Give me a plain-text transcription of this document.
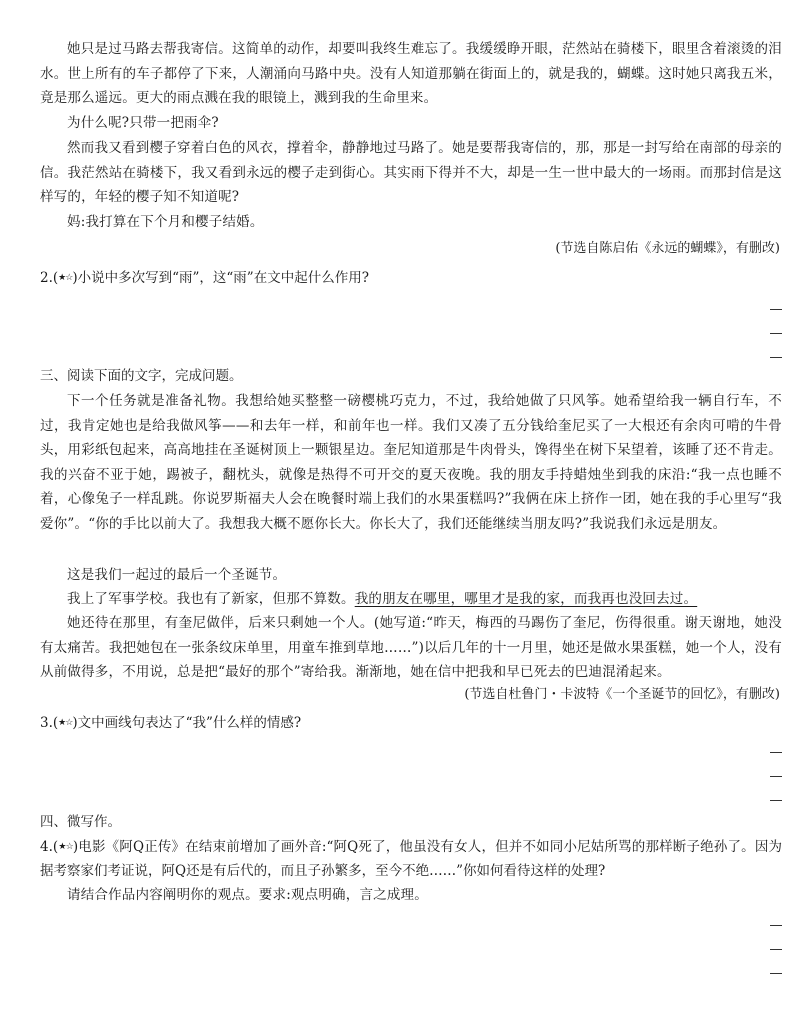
她只是过马路去帮我寄信。这简单的动作，却要叫我终生难忘了。我缓缓睁开眼，茫然站在骑楼下，眼里含着滚烫的泪水。世上所有的车子都停了下来，人潮涌向马路中央。没有人知道那躺在街面上的，就是我的，蝴蝶。这时她只离我五米，竟是那么遥远。更大的雨点溅在我的眼镜上，溅到我的生命里来。

为什么呢?只带一把雨伞?

然而我又看到樱子穿着白色的风衣，撑着伞，静静地过马路了。她是要帮我寄信的，那，那是一封写给在南部的母亲的信。我茫然站在骑楼下，我又看到永远的樱子走到街心。其实雨下得并不大，却是一生一世中最大的一场雨。而那封信是这样写的，年轻的樱子知不知道呢?

妈:我打算在下个月和樱子结婚。

(节选自陈启佑《永远的蝴蝶》，有删改)

2.(★☆)小说中多次写到“雨”，这“雨”在文中起什么作用?

三、阅读下面的文字，完成问题。

下一个任务就是准备礼物。我想给她买整整一磅樱桃巧克力，不过，我给她做了只风筝。她希望给我一辆自行车，不过，我肯定她也是给我做风筝——和去年一样，和前年也一样。我们又凑了五分钱给奎尼买了一大根还有余肉可啃的牛骨头，用彩纸包起来，高高地挂在圣诞树顶上一颗银星边。奎尼知道那是牛肉骨头，馋得坐在树下呆望着，该睡了还不肯走。我的兴奋不亚于她，踢被子，翻枕头，就像是热得不可开交的夏天夜晚。我的朋友手持蜡烛坐到我的床沿:“我一点也睡不着，心像兔子一样乱跳。你说罗斯福夫人会在晚餐时端上我们的水果蛋糕吗?”我俩在床上挤作一团，她在我的手心里写“我爱你”。“你的手比以前大了。我想我大概不愿你长大。你长大了，我们还能继续当朋友吗?”我说我们永远是朋友。

这是我们一起过的最后一个圣诞节。

我上了军事学校。我也有了新家，但那不算数。我的朋友在哪里，哪里才是我的家，而我再也没回去过。

她还待在那里，有奎尼做伴，后来只剩她一个人。(她写道:“昨天，梅西的马踢伤了奎尼，伤得很重。谢天谢地，她没有太痛苦。我把她包在一张条纹床单里，用童车推到草地……”)以后几年的十一月里，她还是做水果蛋糕，她一个人，没有从前做得多，不用说，总是把“最好的那个”寄给我。渐渐地，她在信中把我和早已死去的巴迪混淆起来。

(节选自杜鲁门・卡波特《一个圣诞节的回忆》，有删改)

3.(★☆)文中画线句表达了“我”什么样的情感?

四、微写作。

4.(★☆)电影《阿Q正传》在结束前增加了画外音:“阿Q死了，他虽没有女人，但并不如同小尼姑所骂的那样断子绝孙了。因为据考察家们考证说，阿Q还是有后代的，而且子孙繁多，至今不绝……”你如何看待这样的处理?

请结合作品内容阐明你的观点。要求:观点明确，言之成理。
